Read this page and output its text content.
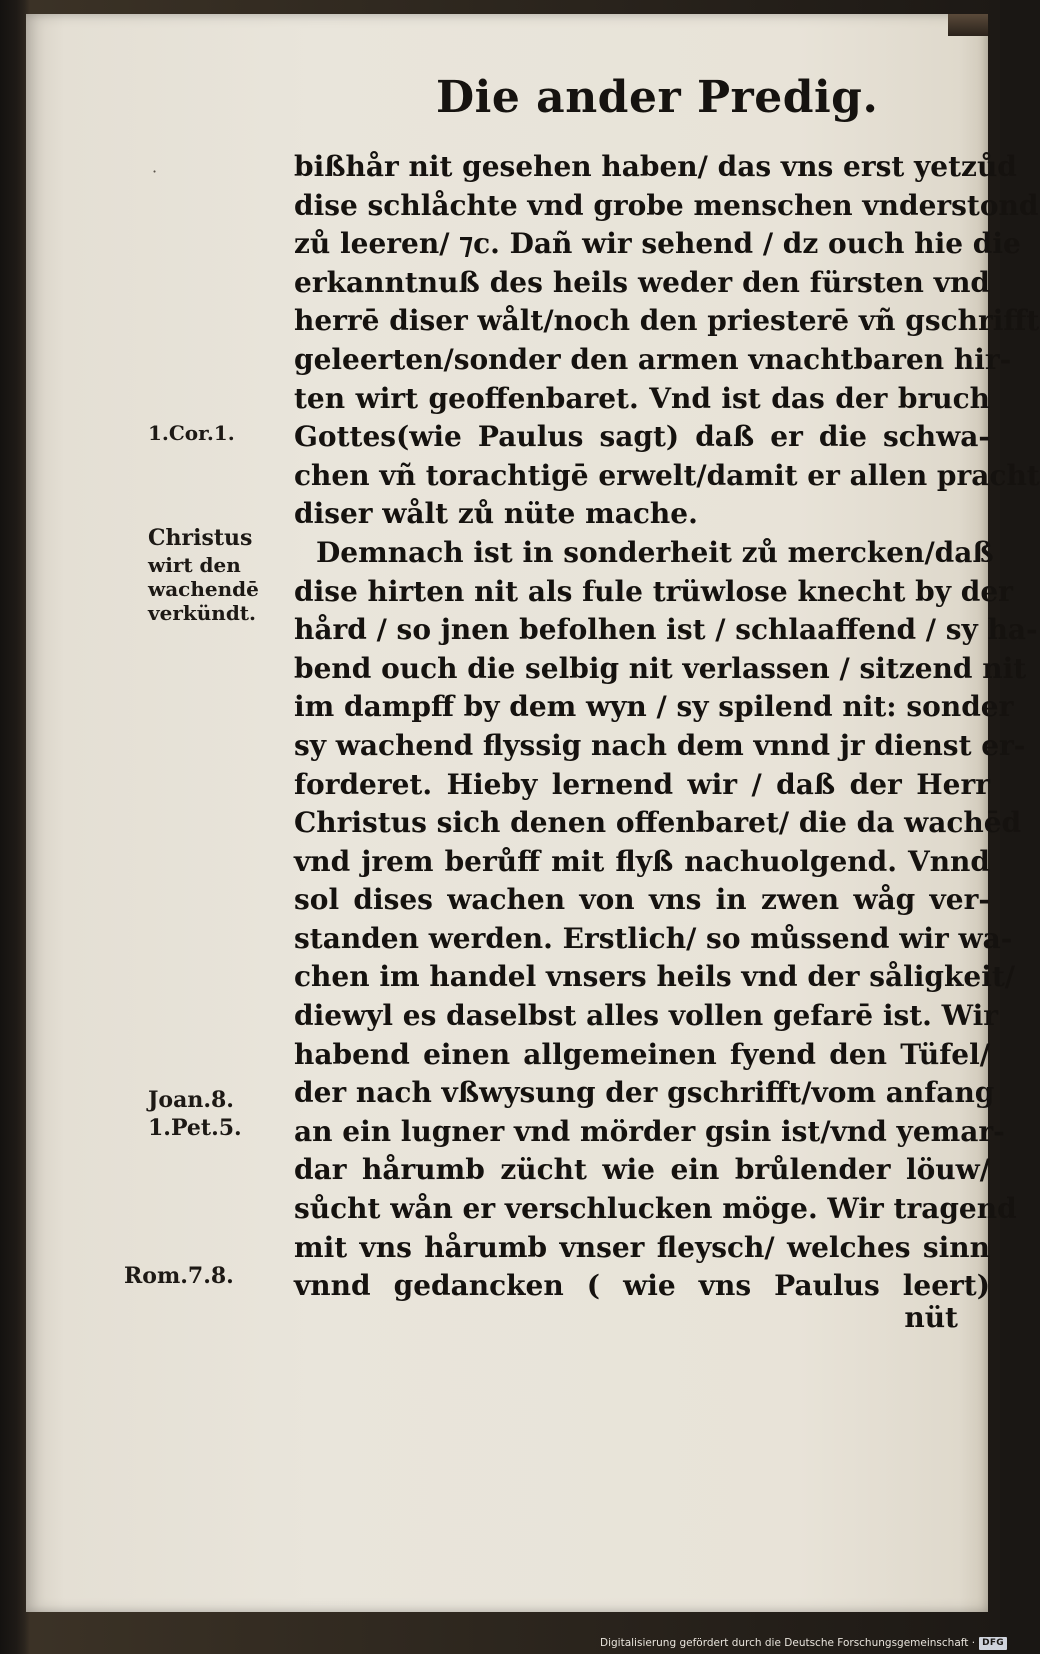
Die ander Predig.
·
1.Cor.1.
Christus
wirt den
wachendē
verkündt.
Joan.8.
1.Pet.5.
Rom.7.8.
bißhår nit gesehen haben/ das vns erst yetzůd
dise schlåchte vnd grobe menschen vnderstond
zů leeren/ ⁊c. Dañ wir sehend / dz ouch hie die
erkanntnuß des heils weder den fürsten vnd
herrē diser wålt/noch den priesterē vñ gschrifft
geleerten/sonder den armen vnachtbaren hir-
ten wirt geoffenbaret. Vnd ist das der bruch
Gottes(wie Paulus sagt) daß er die schwa-
chen vñ torachtigē erwelt/damit er allen pracht
diser wålt zů nüte mache.
Demnach ist in sonderheit zů mercken/daß
dise hirten nit als fule trüwlose knecht by der
hård / so jnen befolhen ist / schlaaffend / sy ha-
bend ouch die selbig nit verlassen / sitzend nit
im dampff by dem wyn / sy spilend nit: sonder
sy wachend flyssig nach dem vnnd jr dienst er-
forderet. Hieby lernend wir / daß der Herr
Christus sich denen offenbaret/ die da wachēd
vnd jrem berůff mit flyß nachuolgend. Vnnd
sol dises wachen von vns in zwen wåg ver-
standen werden. Erstlich/ so můssend wir wa-
chen im handel vnsers heils vnd der såligkeit/
diewyl es daselbst alles vollen gefarē ist. Wir
habend einen allgemeinen fyend den Tüfel/
der nach vßwysung der gschrifft/vom anfang
an ein lugner vnd mörder gsin ist/vnd yemar-
dar hårumb zücht wie ein brůlender löuw/
sůcht wån er verschlucken möge. Wir tragend
mit vns hårumb vnser fleysch/ welches sinn
vnnd gedancken ( wie vns Paulus leert)
nüt
Digitalisierung gefördert durch die Deutsche Forschungsgemeinschaft · DFG
